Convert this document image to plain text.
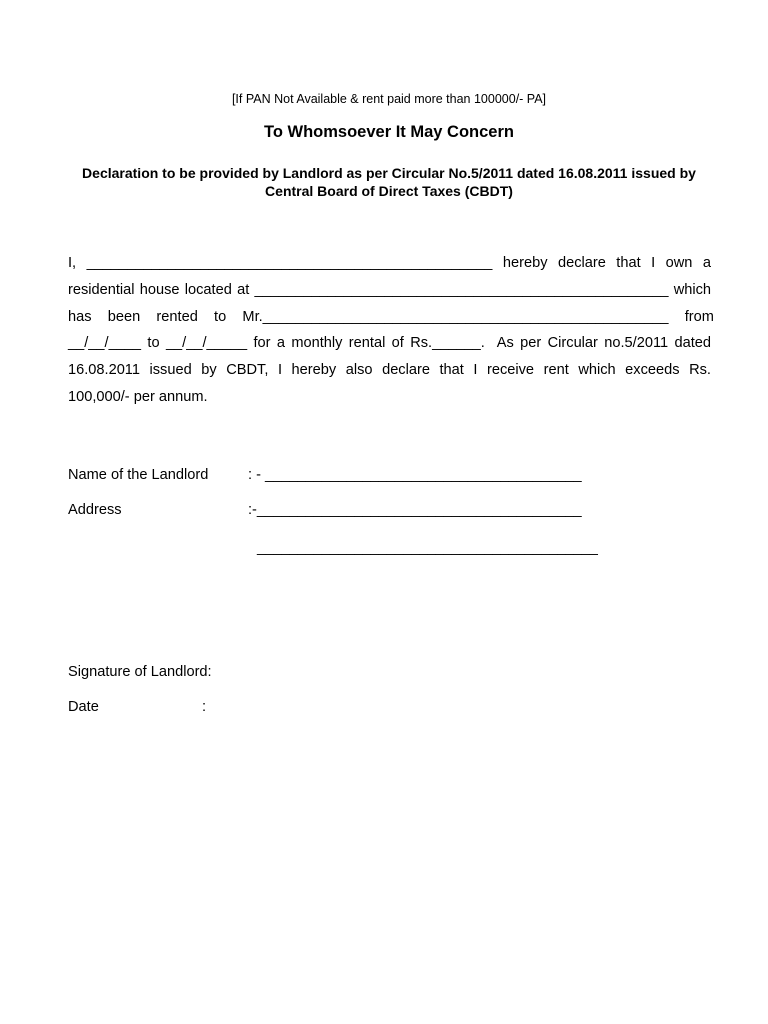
[If PAN Not Available & rent paid more than 100000/- PA]
To Whomsoever It May Concern
Declaration to be provided by Landlord as per Circular No.5/2011 dated 16.08.2011 issued by Central Board of Direct Taxes (CBDT)
I,  __________________________________________________  hereby  declare  that  I  own  a
residential house located at ___________________________________________________ which
has    been    rented    to    Mr.__________________________________________________    from
__/__/____ to __/__/_____ for a monthly rental of Rs.______.  As per Circular no.5/2011 dated
16.08.2011  issued  by  CBDT,  I  hereby  also  declare  that  I  receive  rent  which  exceeds  Rs.
100,000/- per annum.
Name of the Landlord	: - _______________________________________
Address	:-________________________________________
__________________________________________
Signature of Landlord:
Date	:
